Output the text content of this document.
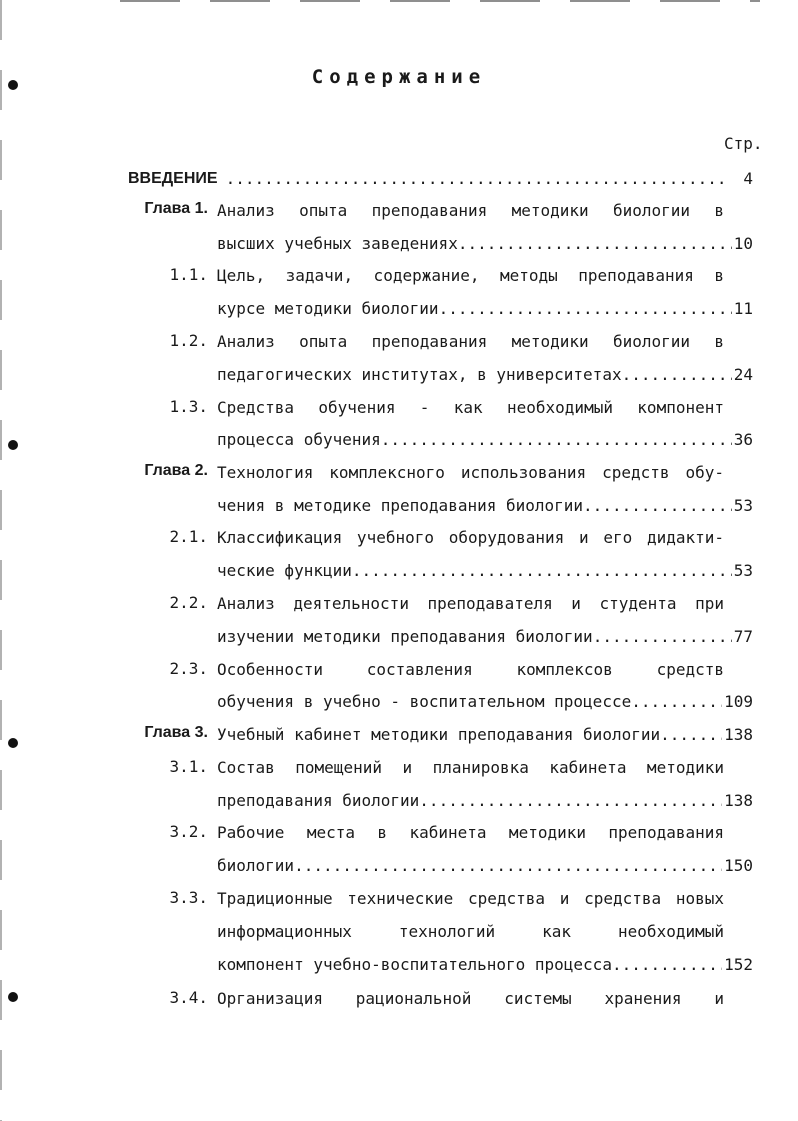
Содержание
Стр.
ВВЕДЕНИЕ .....	4
Глава 1. Анализ опыта преподавания методики биологии в
высших учебных заведениях .....	10
1.1. Цель, задачи, содержание, методы преподавания в
курсе методики биологии .....	11
1.2. Анализ опыта преподавания методики биологии в
педагогических институтах, в университетах .....	24
1.3. Средства обучения - как необходимый компонент
процесса обучения .....	36
Глава 2. Технология комплексного использования средств обу-
чения в методике преподавания биологии .....	53
2.1. Классификация учебного оборудования и его дидакти-
ческие функции .....	53
2.2. Анализ деятельности преподавателя и студента при
изучении методики преподавания биологии .....	77
2.3. Особенности составления комплексов средств
обучения в учебно - воспитательном процессе .....	109
Глава 3. Учебный кабинет методики преподавания биологии .....	138
3.1. Состав помещений и планировка кабинета методики
преподавания биологии .....	138
3.2. Рабочие места в кабинета методики преподавания
биологии .....	150
3.3. Традиционные технические средства и средства новых
информационных технологий как необходимый
компонент учебно-воспитательного процесса .....	152
3.4. Организация рациональной системы хранения и
